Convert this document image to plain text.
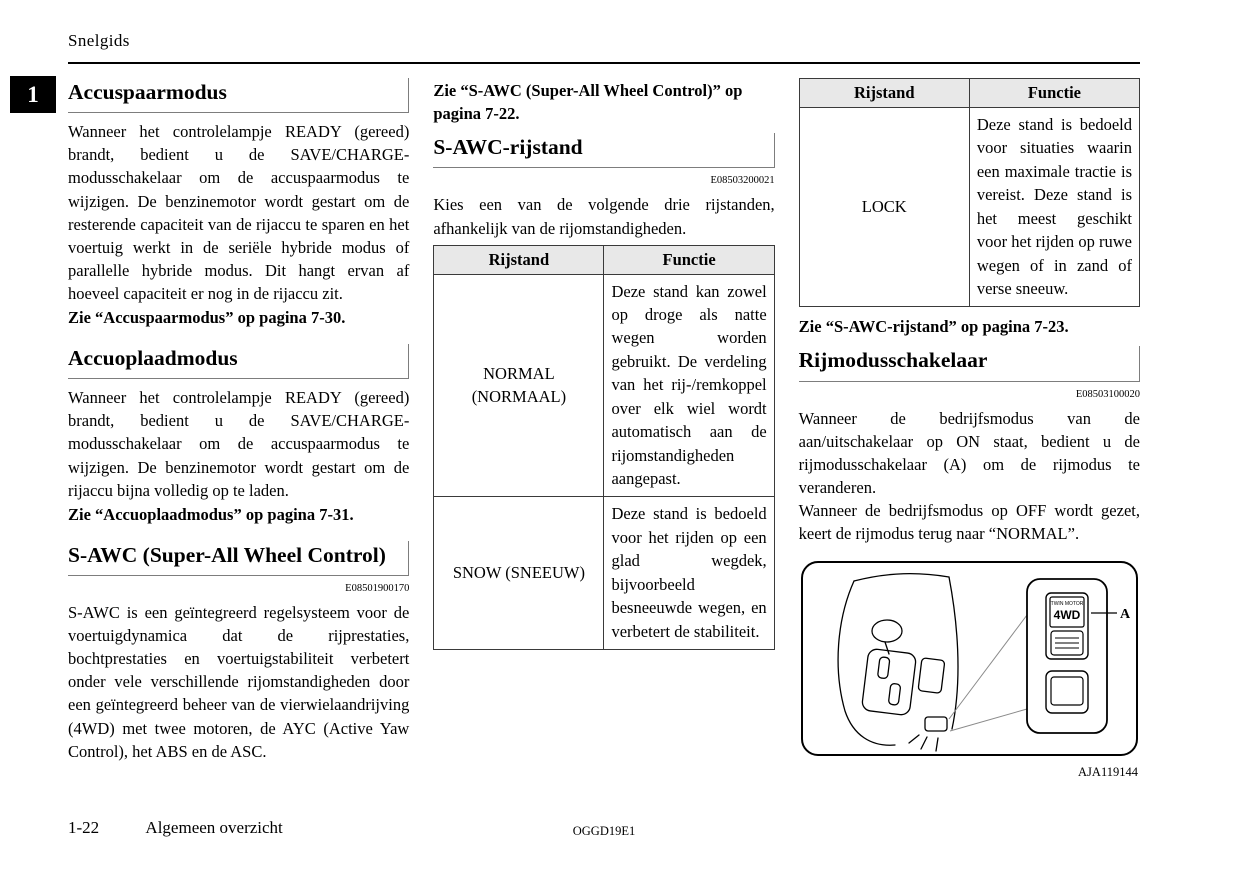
Snelgids
1	Accuspaarmodus

Wanneer het controlelampje READY (gereed) brandt, bedient u de SAVE/CHARGE-modusschakelaar om de accuspaarmodus te wijzigen. De benzinemotor wordt gestart om de resterende capaciteit van de rijaccu te sparen en het voertuig werkt in de seriële hybride modus of parallelle hybride modus. Dit hangt ervan af hoeveel capaciteit er nog in de rijaccu zit.

Zie “Accuspaarmodus” op pagina 7-30.

Accuoplaadmodus

Wanneer het controlelampje READY (gereed) brandt, bedient u de SAVE/CHARGE-modusschakelaar om de accuspaarmodus te wijzigen. De benzinemotor wordt gestart om de rijaccu bijna volledig op te laden.

Zie “Accuoplaadmodus” op pagina 7-31.

S-AWC (Super-All Wheel Control)
E08501900170

S-AWC is een geïntegreerd regelsysteem voor de voertuigdynamica dat de rijprestaties, bochtprestaties en voertuigstabiliteit verbetert onder vele verschillende rijomstandigheden door een geïntegreerd beheer van de vierwielaandrijving (4WD) met twee motoren, de AYC (Active Yaw Control), het ABS en de ASC.

Zie “S-AWC (Super-All Wheel Control)” op pagina 7-22.

S-AWC-rijstand
E08503200021

Kies een van de volgende drie rijstanden, afhankelijk van de rijomstandigheden.

Rijstand	Functie
NORMAL (NORMAAL)	Deze stand kan zowel op droge als natte wegen worden gebruikt. De verdeling van het rij-/remkoppel over elk wiel wordt automatisch aan de rijomstandigheden aangepast.
SNOW (SNEEUW)	Deze stand is bedoeld voor het rijden op een glad wegdek, bijvoorbeeld besneeuwde wegen, en verbetert de stabiliteit.
Rijstand	Functie
LOCK	Deze stand is bedoeld voor situaties waarin een maximale tractie is vereist. Deze stand is het meest geschikt voor het rijden op ruwe wegen of in zand of verse sneeuw.

Zie “S-AWC-rijstand” op pagina 7-23.

Rijmodusschakelaar
E08503100020

Wanneer de bedrijfsmodus van de aan/uitschakelaar op ON staat, bedient u de rijmodusschakelaar (A) om de rijmodus te veranderen.

Wanneer de bedrijfsmodus op OFF wordt gezet, keert de rijmodus terug naar “NORMAL”.

TWIN MOTOR
4WD	A
AJA119144
1-22	Algemeen overzicht	OGGD19E1
